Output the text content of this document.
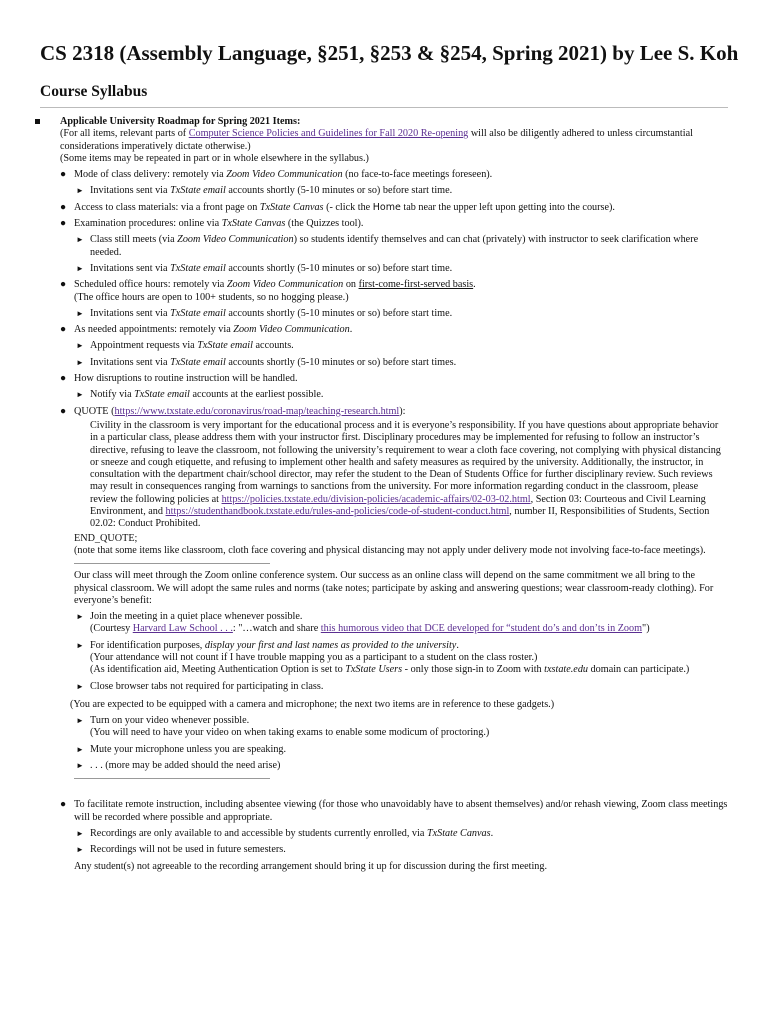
CS 2318 (Assembly Language, §251, §253 & §254, Spring 2021) by Lee S. Koh
Course Syllabus
Applicable University Roadmap for Spring 2021 Items:
(For all items, relevant parts of Computer Science Policies and Guidelines for Fall 2020 Re-opening will also be diligently adhered to unless circumstantial considerations imperatively dictate otherwise.)
(Some items may be repeated in part or in whole elsewhere in the syllabus.)
● Mode of class delivery: remotely via Zoom Video Communication (no face-to-face meetings foreseen).
► Invitations sent via TxState email accounts shortly (5-10 minutes or so) before start time.
● Access to class materials: via a front page on TxState Canvas (- click the Home tab near the upper left upon getting into the course).
● Examination procedures: online via TxState Canvas (the Quizzes tool).
► Class still meets (via Zoom Video Communication) so students identify themselves and can chat (privately) with instructor to seek clarification where needed.
► Invitations sent via TxState email accounts shortly (5-10 minutes or so) before start time.
● Scheduled office hours: remotely via Zoom Video Communication on first-come-first-served basis.
(The office hours are open to 100+ students, so no hogging please.)
► Invitations sent via TxState email accounts shortly (5-10 minutes or so) before start time.
● As needed appointments: remotely via Zoom Video Communication.
► Appointment requests via TxState email accounts.
► Invitations sent via TxState email accounts shortly (5-10 minutes or so) before start times.
● How disruptions to routine instruction will be handled.
► Notify via TxState email accounts at the earliest possible.
● QUOTE (https://www.txstate.edu/coronavirus/road-map/teaching-research.html):
Civility in the classroom is very important for the educational process and it is everyone’s responsibility. If you have questions about appropriate behavior in a particular class, please address them with your instructor first. Disciplinary procedures may be implemented for refusing to follow an instructor’s directive, refusing to leave the classroom, not following the university’s requirement to wear a cloth face covering, not complying with physical distancing or sneeze and cough etiquette, and refusing to implement other health and safety measures as required by the university. Additionally, the instructor, in consultation with the department chair/school director, may refer the student to the Dean of Students Office for further disciplinary review. Such reviews may result in consequences ranging from warnings to sanctions from the university. For more information regarding conduct in the classroom, please review the following policies at https://policies.txstate.edu/division-policies/academic-affairs/02-03-02.html, Section 03: Courteous and Civil Learning Environment, and https://studenthandbook.txstate.edu/rules-and-policies/code-of-student-conduct.html, number II, Responsibilities of Students, Section 02.02: Conduct Prohibited.
END_QUOTE;
(note that some items like classroom, cloth face covering and physical distancing may not apply under delivery mode not involving face-to-face meetings).
Our class will meet through the Zoom online conference system. Our success as an online class will depend on the same commitment we all bring to the physical classroom. We will adopt the same rules and norms (take notes; participate by asking and answering questions; wear classroom-ready clothing). For everyone’s benefit:
► Join the meeting in a quiet place whenever possible.
(Courtesy Harvard Law School . . .: "…watch and share this humorous video that DCE developed for “student do’s and don’ts in Zoom")
► For identification purposes, display your first and last names as provided to the university.
(Your attendance will not count if I have trouble mapping you as a participant to a student on the class roster.)
(As identification aid, Meeting Authentication Option is set to TxState Users - only those sign-in to Zoom with txstate.edu domain can participate.)
► Close browser tabs not required for participating in class.
(You are expected to be equipped with a camera and microphone; the next two items are in reference to these gadgets.)
► Turn on your video whenever possible.
(You will need to have your video on when taking exams to enable some modicum of proctoring.)
► Mute your microphone unless you are speaking.
► . . . (more may be added should the need arise)
● To facilitate remote instruction, including absentee viewing (for those who unavoidably have to absent themselves) and/or rehash viewing, Zoom class meetings will be recorded where possible and appropriate.
► Recordings are only available to and accessible by students currently enrolled, via TxState Canvas.
► Recordings will not be used in future semesters.
Any student(s) not agreeable to the recording arrangement should bring it up for discussion during the first meeting.
